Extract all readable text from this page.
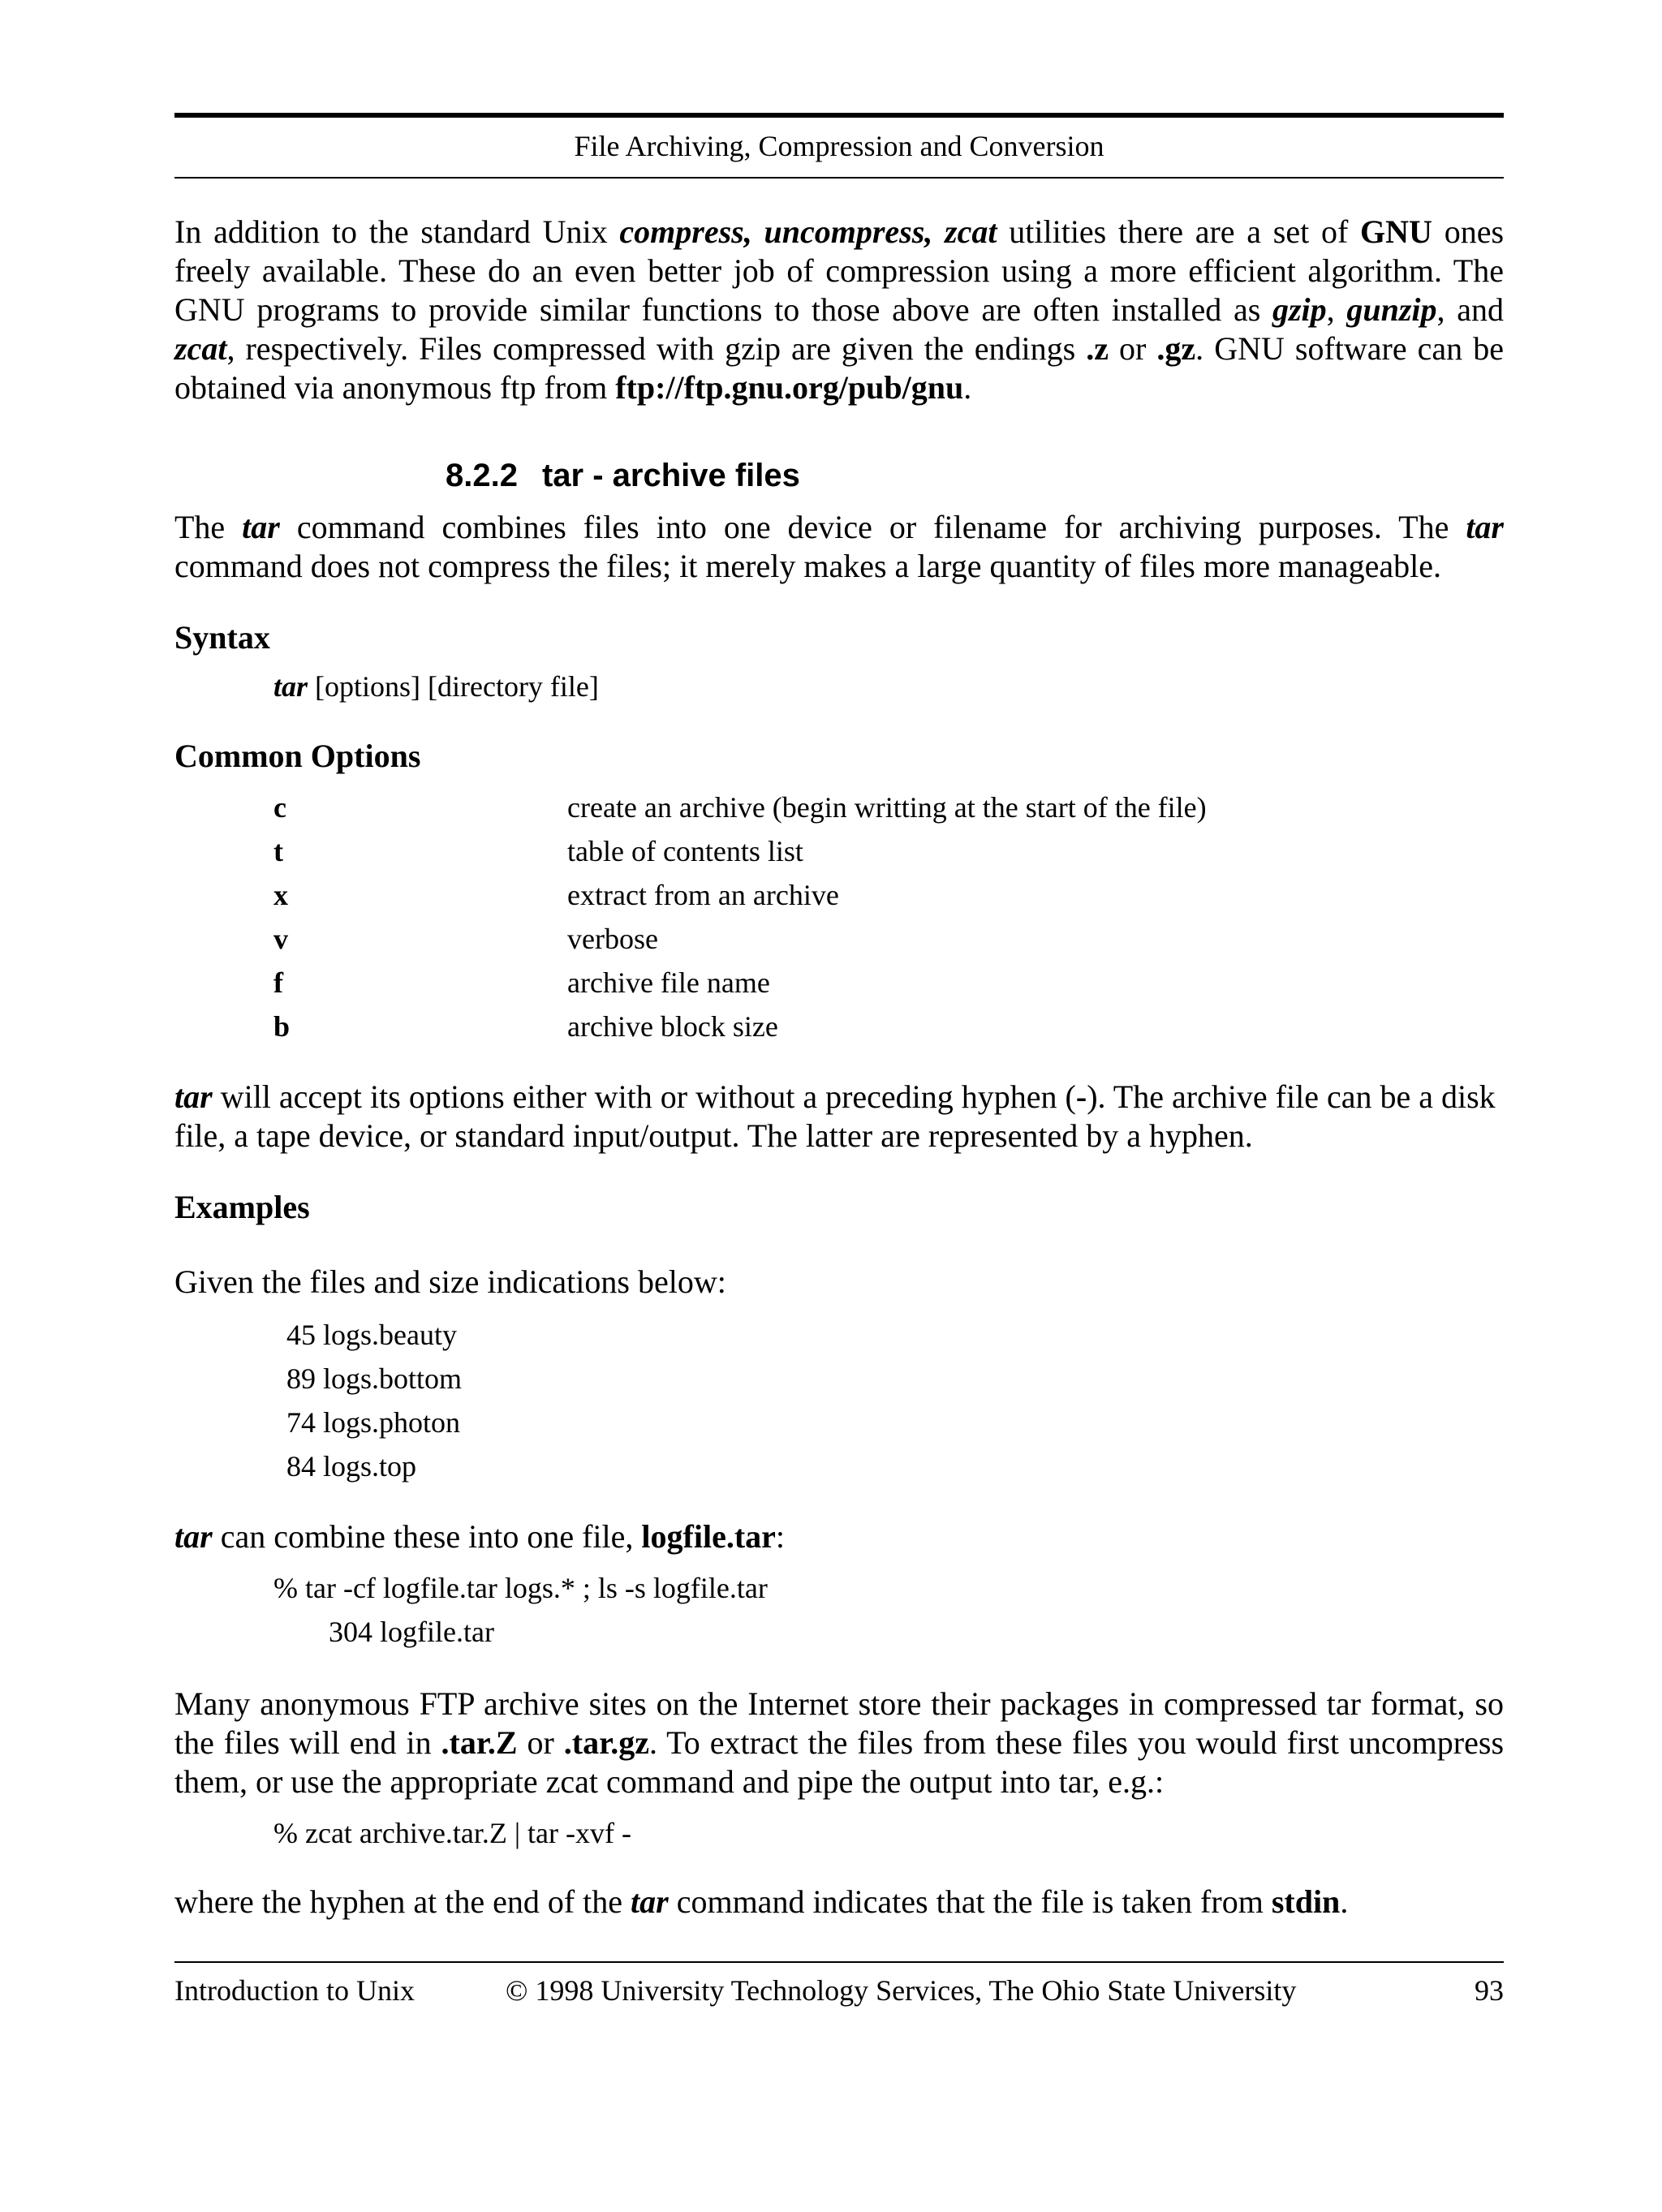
File Archiving, Compression and Conversion

In addition to the standard Unix compress, uncompress, zcat utilities there are a set of GNU ones freely available. These do an even better job of compression using a more efficient algorithm. The GNU programs to provide similar functions to those above are often installed as gzip, gunzip, and zcat, respectively. Files compressed with gzip are given the endings .z or .gz. GNU software can be obtained via anonymous ftp from ftp://ftp.gnu.org/pub/gnu.

8.2.2 tar - archive files

The tar command combines files into one device or filename for archiving purposes. The tar command does not compress the files; it merely makes a large quantity of files more manageable.

Syntax
tar [options] [directory file]
Common Options
c	create an archive (begin writting at the start of the file)
t	table of contents list
x	extract from an archive
v	verbose
f	archive file name
b	archive block size

tar will accept its options either with or without a preceding hyphen (-). The archive file can be a disk file, a tape device, or standard input/output. The latter are represented by a hyphen.

Examples

Given the files and size indications below:

45 logs.beauty
89 logs.bottom
74 logs.photon
84 logs.top

tar can combine these into one file, logfile.tar:

% tar -cf logfile.tar logs.* ; ls -s logfile.tar
304 logfile.tar

Many anonymous FTP archive sites on the Internet store their packages in compressed tar format, so the files will end in .tar.Z or .tar.gz. To extract the files from these files you would first uncompress them, or use the appropriate zcat command and pipe the output into tar, e.g.:

% zcat archive.tar.Z | tar -xvf -

where the hyphen at the end of the tar command indicates that the file is taken from stdin.

Introduction to Unix	© 1998 University Technology Services, The Ohio State University	93
